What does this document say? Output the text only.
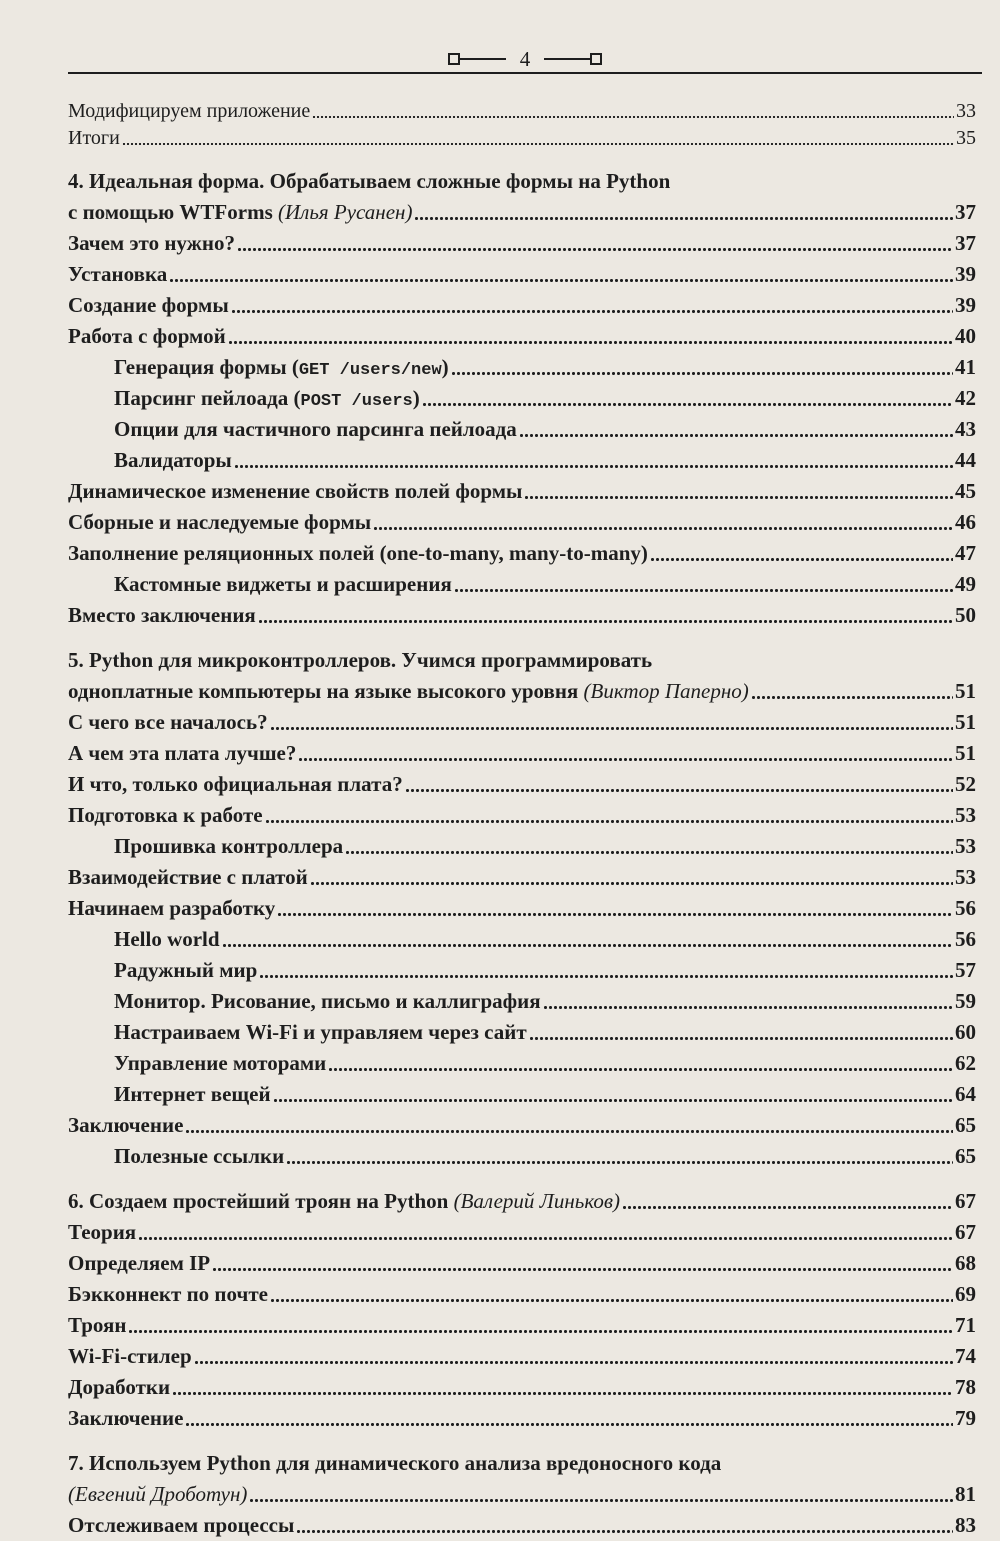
4
Модифицируем приложение	33
Итоги	35
4. Идеальная форма. Обрабатываем сложные формы на Python
с помощью WTForms (Илья Русанен)	37
Зачем это нужно?	37
Установка	39
Создание формы	39
Работа с формой	40
Генерация формы (GET /users/new)	41
Парсинг пейлоада (POST /users)	42
Опции для частичного парсинга пейлоада	43
Валидаторы	44
Динамическое изменение свойств полей формы	45
Сборные и наследуемые формы	46
Заполнение реляционных полей (one-to-many, many-to-many)	47
Кастомные виджеты и расширения	49
Вместо заключения	50
5. Python для микроконтроллеров. Учимся программировать
одноплатные компьютеры на языке высокого уровня (Виктор Паперно)	51
С чего все началось?	51
А чем эта плата лучше?	51
И что, только официальная плата?	52
Подготовка к работе	53
Прошивка контроллера	53
Взаимодействие с платой	53
Начинаем разработку	56
Hello world	56
Радужный мир	57
Монитор. Рисование, письмо и каллиграфия	59
Настраиваем Wi-Fi и управляем через сайт	60
Управление моторами	62
Интернет вещей	64
Заключение	65
Полезные ссылки	65
6. Создаем простейший троян на Python (Валерий Линьков)	67
Теория	67
Определяем IP	68
Бэкконнект по почте	69
Троян	71
Wi-Fi-стилер	74
Доработки	78
Заключение	79
7. Используем Python для динамического анализа вредоносного кода
(Евгений Дроботун)	81
Отслеживаем процессы	83
